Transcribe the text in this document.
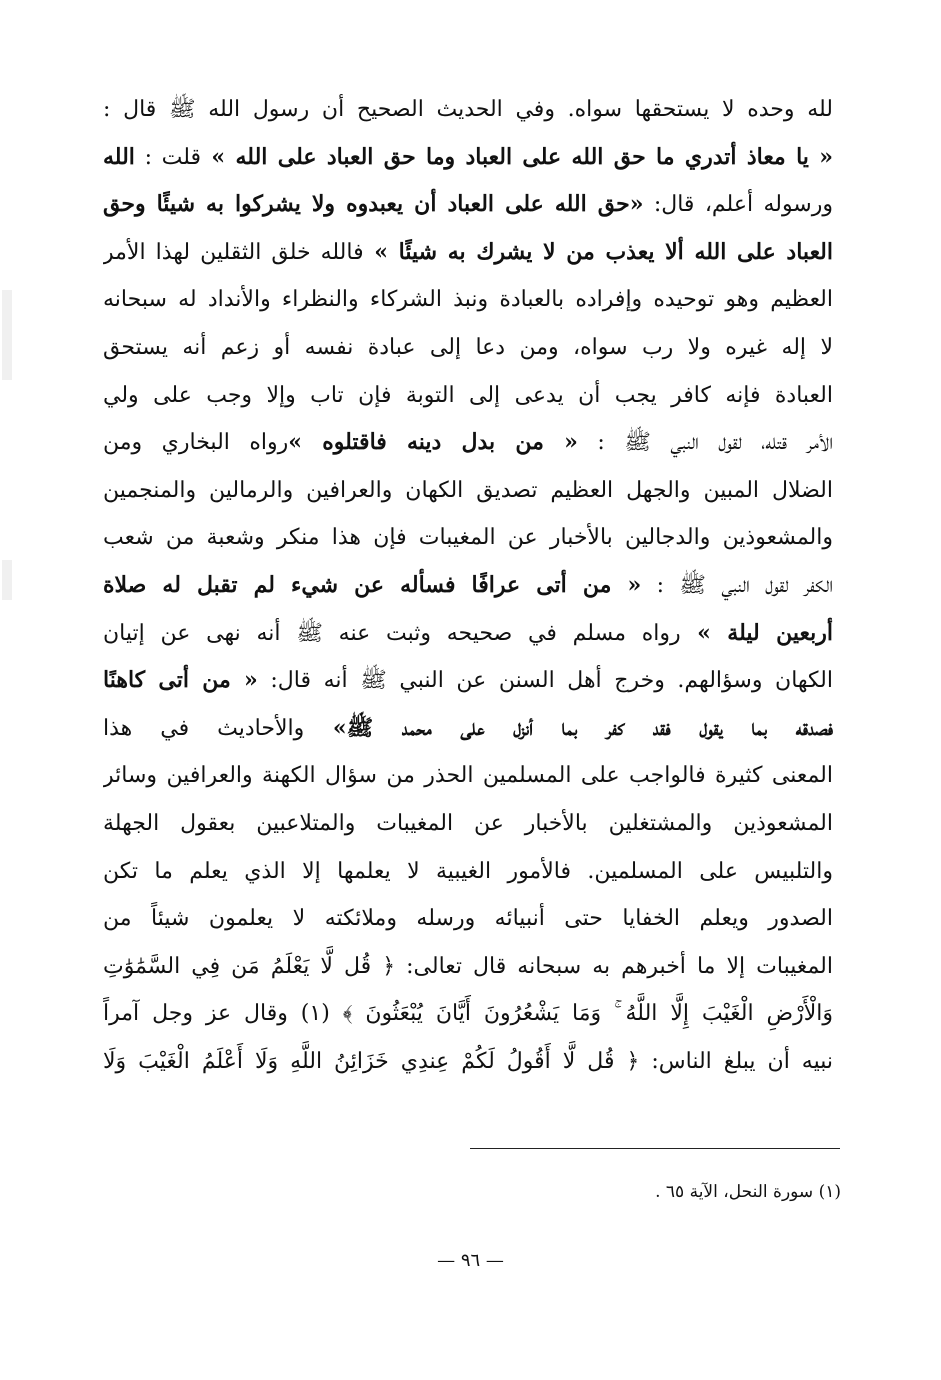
لله وحده لا يستحقها سواه. وفي الحديث الصحيح أن رسول الله ﷺ قال :
« يا معاذ أتدري ما حق الله على العباد وما حق العباد على الله » قلت : الله
ورسوله أعلم، قال: «حق الله على العباد أن يعبدوه ولا يشركوا به شيئًا وحق
العباد على الله ألا يعذب من لا يشرك به شيئًا » فالله خلق الثقلين لهذا الأمر
العظيم وهو توحيده وإفراده بالعبادة ونبذ الشركاء والنظراء والأنداد له سبحانه
لا إله غيره ولا رب سواه، ومن دعا إلى عبادة نفسه أو زعم أنه يستحق
العبادة فإنه كافر يجب أن يدعى إلى التوبة فإن تاب وإلا وجب على ولي
الأمر قتله، لقول النبي ﷺ : « من بدل دينه فاقتلوه »رواه البخاري ومن
الضلال المبين والجهل العظيم تصديق الكهان والعرافين والرمالين والمنجمين
والمشعوذين والدجالين بالأخبار عن المغيبات فإن هذا منكر وشعبة من شعب
الكفر لقول النبي ﷺ : « من أتى عرافًا فسأله عن شيء لم تقبل له صلاة
أربعين ليلة » رواه مسلم في صحيحه وثبت عنه ﷺ أنه نهى عن إتيان
الكهان وسؤالهم. وخرج أهل السنن عن النبي ﷺ أنه قال: « من أتى كاهنًا
فصدقه بما يقول فقد كفر بما أنزل على محمد ﷺ» والأحاديث في هذا
المعنى كثيرة فالواجب على المسلمين الحذر من سؤال الكهنة والعرافين وسائر
المشعوذين والمشتغلين بالأخبار عن المغيبات والمتلاعبين بعقول الجهلة
والتلبيس على المسلمين. فالأمور الغيبية لا يعلمها إلا الذي يعلم ما تكن
الصدور ويعلم الخفايا حتى أنبيائه ورسله وملائكته لا يعلمون شيئاً من
المغيبات إلا ما أخبرهم به سبحانه قال تعالى: ﴿ قُل لَّا يَعْلَمُ مَن فِي السَّمَٰوَٰتِ
وَالْأَرْضِ الْغَيْبَ إِلَّا اللَّهُ ۚ وَمَا يَشْعُرُونَ أَيَّانَ يُبْعَثُونَ ﴾ (١) وقال عز وجل آمراً
نبيه أن يبلغ الناس: ﴿ قُل لَّا أَقُولُ لَكُمْ عِندِي خَزَائِنُ اللَّهِ وَلَا أَعْلَمُ الْغَيْبَ وَلَا

(١) سورة النحل، الآية ٦٥ .

— ٩٦ —
